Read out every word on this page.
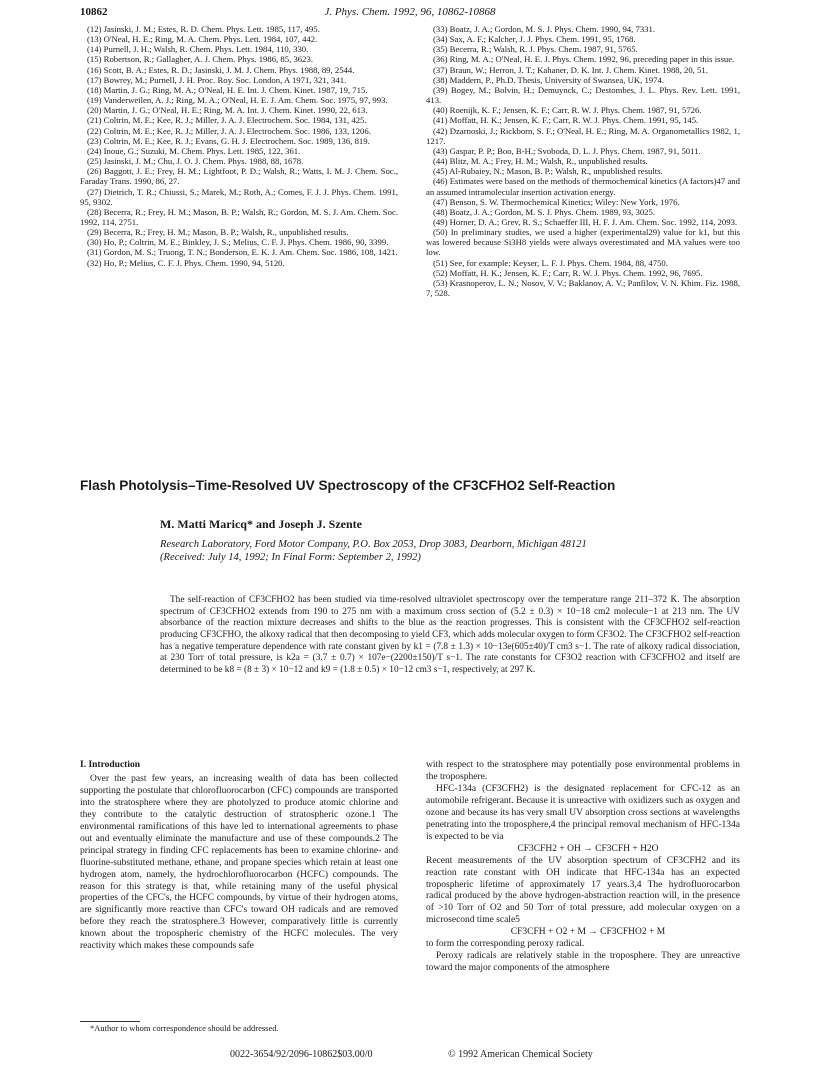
10862	J. Phys. Chem. 1992, 96, 10862-10868

(12) Jasinski, J. M.; Estes, R. D. Chem. Phys. Lett. 1985, 117, 495.

(13) O'Neal, H. E.; Ring, M. A. Chem. Phys. Lett. 1984, 107, 442.

(14) Purnell, J. H.; Walsh, R. Chem. Phys. Lett. 1984, 110, 330.

(15) Robertson, R.; Gallagher, A. J. Chem. Phys. 1986, 85, 3623.

(16) Scott, B. A.; Estes, R. D.; Jasinski, J. M. J. Chem. Phys. 1988, 89, 2544.

(17) Bowrey, M.; Purnell, J. H. Proc. Roy. Soc. London, A 1971, 321, 341.

(18) Martin, J. G.; Ring, M. A.; O'Neal, H. E. Int. J. Chem. Kinet. 1987, 19, 715.

(19) Vanderweilen, A. J.; Ring, M. A.; O'Neal, H. E. J. Am. Chem. Soc. 1975, 97, 993.

(20) Martin, J. G.; O'Neal, H. E.; Ring, M. A. Int. J. Chem. Kinet. 1990, 22, 613.

(21) Coltrin, M. E.; Kee, R. J.; Miller, J. A. J. Electrochem. Soc. 1984, 131, 425.

(22) Coltrin, M. E.; Kee, R. J.; Miller, J. A. J. Electrochem. Soc. 1986, 133, 1206.

(23) Coltrin, M. E.; Kee, R. J.; Evans, G. H. J. Electrochem. Soc. 1989, 136, 819.

(24) Inoue, G.; Suzuki, M. Chem. Phys. Lett. 1985, 122, 361.

(25) Jasinski, J. M.; Chu, J. O. J. Chem. Phys. 1988, 88, 1678.

(26) Baggott, J. E.; Frey, H. M.; Lightfoot, P. D.; Walsh, R.; Watts, I. M. J. Chem. Soc., Faraday Trans. 1990, 86, 27.

(27) Dietrich, T. R.; Chiussi, S.; Marek, M.; Roth, A.; Comes, F. J. J. Phys. Chem. 1991, 95, 9302.

(28) Becerra, R.; Frey, H. M.; Mason, B. P.; Walsh, R.; Gordon, M. S. J. Am. Chem. Soc. 1992, 114, 2751.

(29) Becerra, R.; Frey, H. M.; Mason, B. P.; Walsh, R., unpublished results.

(30) Ho, P.; Coltrin, M. E.; Binkley, J. S.; Melius, C. F. J. Phys. Chem. 1986, 90, 3399.

(31) Gordon, M. S.; Truong, T. N.; Bonderson, E. K. J. Am. Chem. Soc. 1986, 108, 1421.

(32) Ho, P.; Melius, C. F. J. Phys. Chem. 1990, 94, 5120.

(33) Boatz, J. A.; Gordon, M. S. J. Phys. Chem. 1990, 94, 7331.

(34) Sax, A. F.; Kalcher, J. J. Phys. Chem. 1991, 95, 1768.

(35) Becerra, R.; Walsh, R. J. Phys. Chem. 1987, 91, 5765.

(36) Ring, M. A.; O'Neal, H. E. J. Phys. Chem. 1992, 96, preceding paper in this issue.

(37) Braun, W.; Herron, J. T.; Kahaner, D. K. Int. J. Chem. Kinet. 1988, 20, 51.

(38) Maddern, P., Ph.D. Thesis, University of Swansea, UK, 1974.

(39) Bogey, M.; Bolvin, H.; Demuynck, C.; Destombes, J. L. Phys. Rev. Lett. 1991, 413.

(40) Roenijk, K. F.; Jensen, K. F.; Carr, R. W. J. Phys. Chem. 1987, 91, 5726.

(41) Moffatt, H. K.; Jensen, K. F.; Carr, R. W. J. Phys. Chem. 1991, 95, 145.

(42) Dzarnoski, J.; Rickborn, S. F.; O'Neal, H. E.; Ring, M. A. Organometallics 1982, 1, 1217.

(43) Gaspar, P. P.; Boo, B-H.; Svoboda, D. L. J. Phys. Chem. 1987, 91, 5011.

(44) Blitz, M. A.; Frey, H. M.; Walsh, R., unpublished results.

(45) Al-Rubaiey, N.; Mason, B. P.; Walsh, R., unpublished results.

(46) Estimates were based on the methods of thermochemical kinetics (A factors)47 and an assumed intramolecular insertion activation energy.

(47) Benson, S. W. Thermochemical Kinetics; Wiley: New York, 1976.

(48) Boatz, J. A.; Gordon, M. S. J. Phys. Chem. 1989, 93, 3025.

(49) Horner, D. A.; Grev, R. S.; Schaeffer III, H. F. J. Am. Chem. Soc. 1992, 114, 2093.

(50) In preliminary studies, we used a higher (experimental29) value for k1, but this was lowered because Si3H8 yields were always overestimated and MA values were too low.

(51) See, for example: Keyser, L. F. J. Phys. Chem. 1984, 88, 4750.

(52) Moffatt, H. K.; Jensen, K. F.; Carr, R. W. J. Phys. Chem. 1992, 96, 7695.

(53) Krasnoperov, L. N.; Nosov, V. V.; Baklanov, A. V.; Panfilov, V. N. Khim. Fiz. 1988, 7, 528.

Flash Photolysis–Time-Resolved UV Spectroscopy of the CF3CFHO2 Self-Reaction
M. Matti Maricq* and Joseph J. Szente
Research Laboratory, Ford Motor Company, P.O. Box 2053, Drop 3083, Dearborn, Michigan 48121
(Received: July 14, 1992; In Final Form: September 2, 1992)

The self-reaction of CF3CFHO2 has been studied via time-resolved ultraviolet spectroscopy over the temperature range 211–372 K. The absorption spectrum of CF3CFHO2 extends from 190 to 275 nm with a maximum cross section of (5.2 ± 0.3) × 10−18 cm2 molecule−1 at 213 nm. The UV absorbance of the reaction mixture decreases and shifts to the blue as the reaction progresses. This is consistent with the CF3CFHO2 self-reaction producing CF3CFHO, the alkoxy radical that then decomposing to yield CF3, which adds molecular oxygen to form CF3O2. The CF3CFHO2 self-reaction has a negative temperature dependence with rate constant given by k1 = (7.8 ± 1.3) × 10−13e(605±40)/T cm3 s−1. The rate of alkoxy radical dissociation, at 230 Torr of total pressure, is k2a = (3.7 ± 0.7) × 107e−(2200±150)/T s−1. The rate constants for CF3O2 reaction with CF3CFHO2 and itself are determined to be k8 = (8 ± 3) × 10−12 and k9 = (1.8 ± 0.5) × 10−12 cm3 s−1, respectively, at 297 K.

I. Introduction

Over the past few years, an increasing wealth of data has been collected supporting the postulate that chlorofluorocarbon (CFC) compounds are transported into the stratosphere where they are photolyzed to produce atomic chlorine and they contribute to the catalytic destruction of stratospheric ozone.1 The environmental ramifications of this have led to international agreements to phase out and eventually eliminate the manufacture and use of these compounds.2 The principal strategy in finding CFC replacements has been to examine chlorine- and fluorine-substituted methane, ethane, and propane species which retain at least one hydrogen atom, namely, the hydrochlorofluorocarbon (HCFC) compounds. The reason for this strategy is that, while retaining many of the useful physical properties of the CFC's, the HCFC compounds, by virtue of their hydrogen atoms, are significantly more reactive than CFC's toward OH radicals and are removed before they reach the stratosphere.3 However, comparatively little is currently known about the tropospheric chemistry of the HCFC molecules. The very reactivity which makes these compounds safe

with respect to the stratosphere may potentially pose environmental problems in the troposphere.

HFC-134a (CF3CFH2) is the designated replacement for CFC-12 as an automobile refrigerant. Because it is unreactive with oxidizers such as oxygen and ozone and because its has very small UV absorption cross sections at wavelengths penetrating into the troposphere,4 the principal removal mechanism of HFC-134a is expected to be via

CF3CFH2 + OH → CF3CFH + H2O

Recent measurements of the UV absorption spectrum of CF3CFH2 and its reaction rate constant with OH indicate that HFC-134a has an expected tropospheric lifetime of approximately 17 years.3,4 The hydrofluorocarbon radical produced by the above hydrogen-abstraction reaction will, in the presence of >10 Torr of O2 and 50 Torr of total pressure, add molecular oxygen on a microsecond time scale5

CF3CFH + O2 + M → CF3CFHO2 + M

to form the corresponding peroxy radical.

Peroxy radicals are relatively stable in the troposphere. They are unreactive toward the major components of the atmosphere

*Author to whom correspondence should be addressed.
0022-3654/92/2096-10862$03.00/0	© 1992 American Chemical Society
